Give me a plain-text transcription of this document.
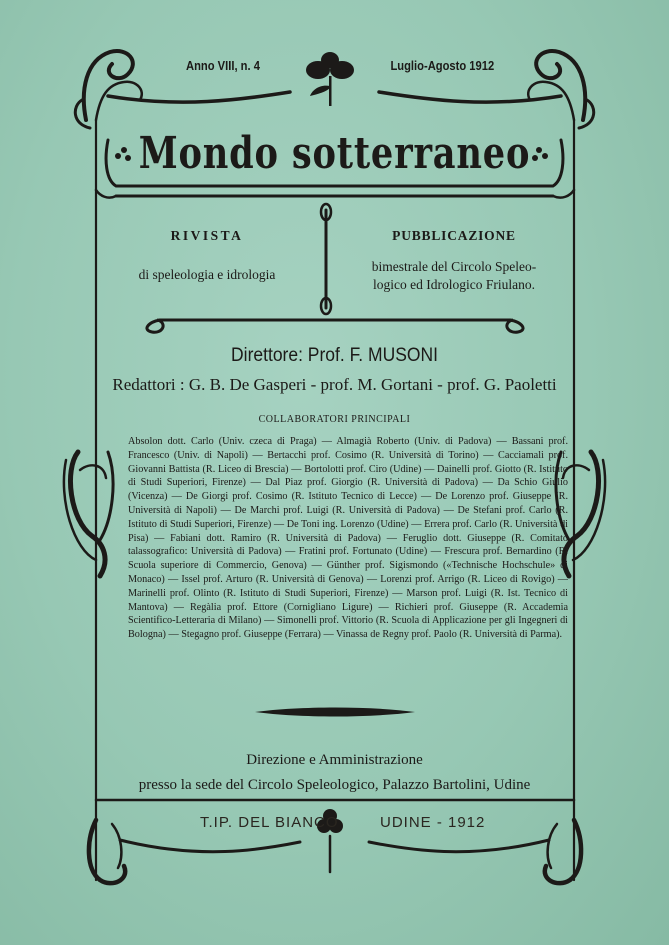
Anno VIII, n. 4	Luglio-Agosto 1912
Mondo sotterraneo
RIVISTA
di speleologia e idrologia
PUBBLICAZIONE
bimestrale del Circolo Speleo-
logico ed Idrologico Friulano.
Direttore: Prof. F. MUSONI
Redattori : G. B. De Gasperi - prof. M. Gortani - prof. G. Paoletti
COLLABORATORI PRINCIPALI
Absolon dott. Carlo (Univ. czeca di Praga) — Almagià Roberto (Univ. di Padova) — Bassani prof. Francesco (Univ. di Napoli) — Bertacchi prof. Cosimo (R. Università di Torino) — Cacciamali prof. Giovanni Battista (R. Liceo di Brescia) — Bortolotti prof. Ciro (Udine) — Dainelli prof. Giotto (R. Istituto di Studi Superiori, Firenze) — Dal Piaz prof. Giorgio (R. Università di Padova) — Da Schio Giulio (Vicenza) — De Giorgi prof. Cosimo (R. Istituto Tecnico di Lecce) — De Lorenzo prof. Giuseppe (R. Università di Napoli) — De Marchi prof. Luigi (R. Università di Padova) — De Stefani prof. Carlo (R. Istituto di Studi Superiori, Firenze) — De Toni ing. Lorenzo (Udine) — Errera prof. Carlo (R. Università di Pisa) — Fabiani dott. Ramiro (R. Università di Padova) — Feruglio dott. Giuseppe (R. Comitato talassografico: Università di Padova) — Fratini prof. Fortunato (Udine) — Frescura prof. Bernardino (R. Scuola superiore di Commercio, Genova) — Günther prof. Sigismondo («Technische Hochschule» di Monaco) — Issel prof. Arturo (R. Università di Genova) — Lorenzi prof. Arrigo (R. Liceo di Rovigo) — Marinelli prof. Olinto (R. Istituto di Studi Superiori, Firenze) — Marson prof. Luigi (R. Ist. Tecnico di Mantova) — Regàlia prof. Ettore (Corniglianо Ligure) — Richieri prof. Giuseppe (R. Accademia Scientifico-Letteraria di Milano) — Simonelli prof. Vittorio (R. Scuola di Applicazione per gli Ingegneri di Bologna) — Stegagno prof. Giuseppe (Ferrara) — Vinassa de Regny prof. Paolo (R. Università di Parma).
Direzione e Amministrazione
presso la sede del Circolo Speleologico, Palazzo Bartolini, Udine
T.IP. DEL BIANCO	UDINE - 1912
